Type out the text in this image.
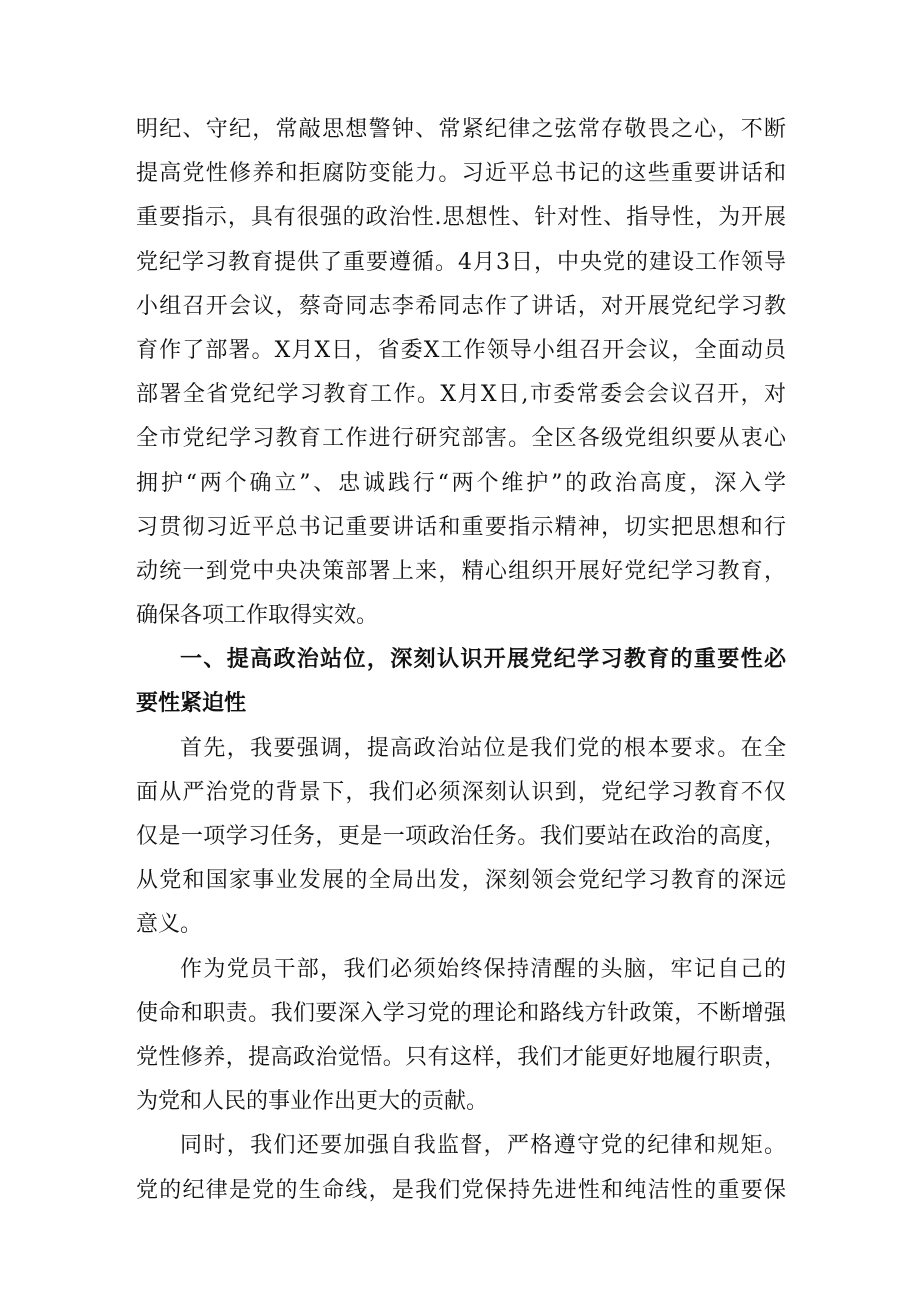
明纪、守纪，常敲思想警钟、常紧纪律之弦常存敬畏之心，不断
提高党性修养和拒腐防变能力。习近平总书记的这些重要讲话和
重要指示，具有很强的政治性.思想性、针对性、指导性，为开展
党纪学习教育提供了重要遵循。4月3日，中央党的建设工作领导
小组召开会议，蔡奇同志李希同志作了讲话，对开展党纪学习教
育作了部署。X月X日，省委X工作领导小组召开会议，全面动员
部署全省党纪学习教育工作。X月X日,市委常委会会议召开，对
全市党纪学习教育工作进行研究部害。全区各级党组织要从衷心
拥护“两个确立”、忠诚践行“两个维护”的政治高度，深入学
习贯彻习近平总书记重要讲话和重要指示精神，切实把思想和行
动统一到党中央决策部署上来，精心组织开展好党纪学习教育，
确保各项工作取得实效。
一、提高政治站位，深刻认识开展党纪学习教育的重要性必
要性紧迫性
首先，我要强调，提高政治站位是我们党的根本要求。在全
面从严治党的背景下，我们必须深刻认识到，党纪学习教育不仅
仅是一项学习任务，更是一项政治任务。我们要站在政治的高度，
从党和国家事业发展的全局出发，深刻领会党纪学习教育的深远
意义。
作为党员干部，我们必须始终保持清醒的头脑，牢记自己的
使命和职责。我们要深入学习党的理论和路线方针政策，不断增强
党性修养，提高政治觉悟。只有这样，我们才能更好地履行职责，
为党和人民的事业作出更大的贡献。
同时，我们还要加强自我监督，严格遵守党的纪律和规矩。
党的纪律是党的生命线，是我们党保持先进性和纯洁性的重要保
